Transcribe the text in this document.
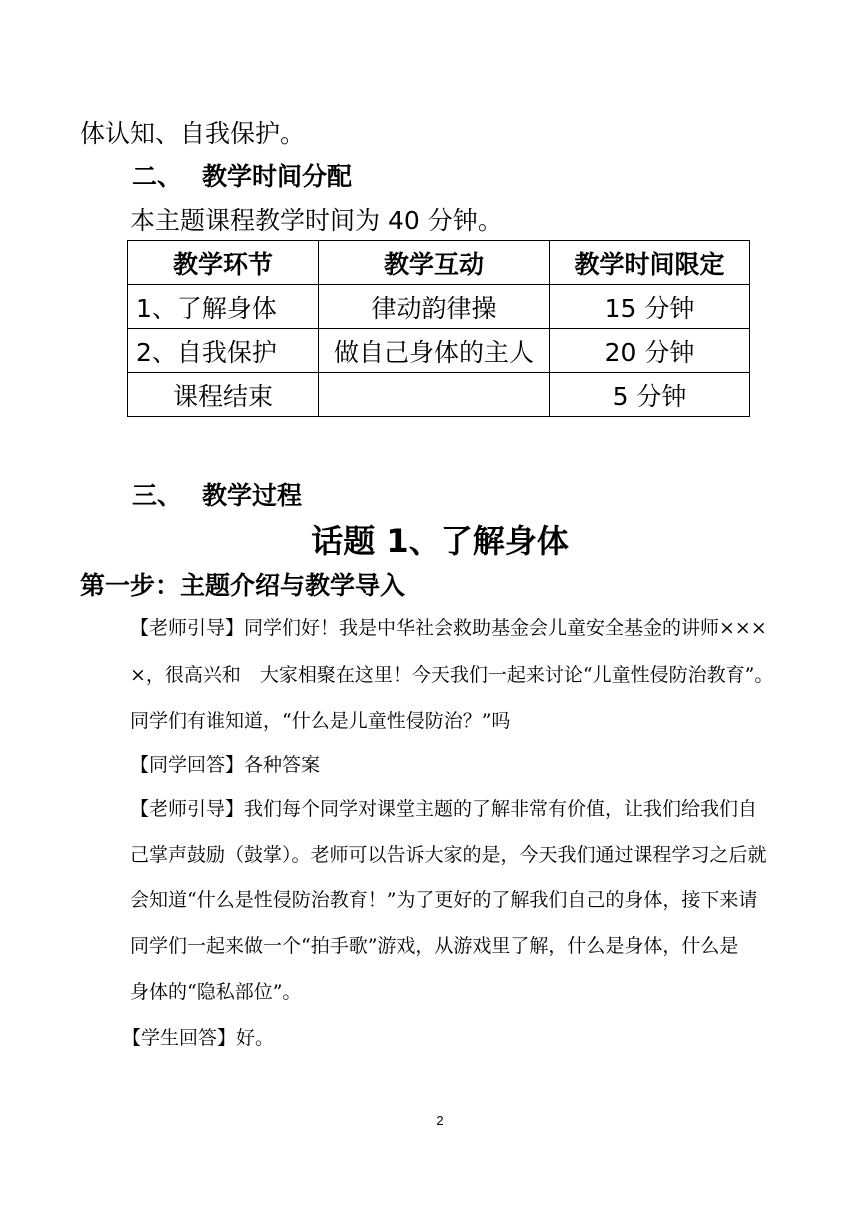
体认知、自我保护。
二、 教学时间分配
本主题课程教学时间为 40 分钟。
教学环节	教学互动	教学时间限定
1、了解身体	律动韵律操	15 分钟
2、自我保护	做自己身体的主人	20 分钟
课程结束		5 分钟
三、 教学过程
话题 1、了解身体
第一步：主题介绍与教学导入
【老师引导】同学们好！我是中华社会救助基金会儿童安全基金的讲师×××
×，很高兴和　大家相聚在这里！今天我们一起来讨论“儿童性侵防治教育”。
同学们有谁知道，“什么是儿童性侵防治？”吗
【同学回答】各种答案
【老师引导】我们每个同学对课堂主题的了解非常有价值，让我们给我们自
己掌声鼓励（鼓掌）。老师可以告诉大家的是，今天我们通过课程学习之后就
会知道“什么是性侵防治教育！”为了更好的了解我们自己的身体，接下来请
同学们一起来做一个“拍手歌”游戏，从游戏里了解，什么是身体，什么是
身体的“隐私部位”。
【学生回答】好。
2
